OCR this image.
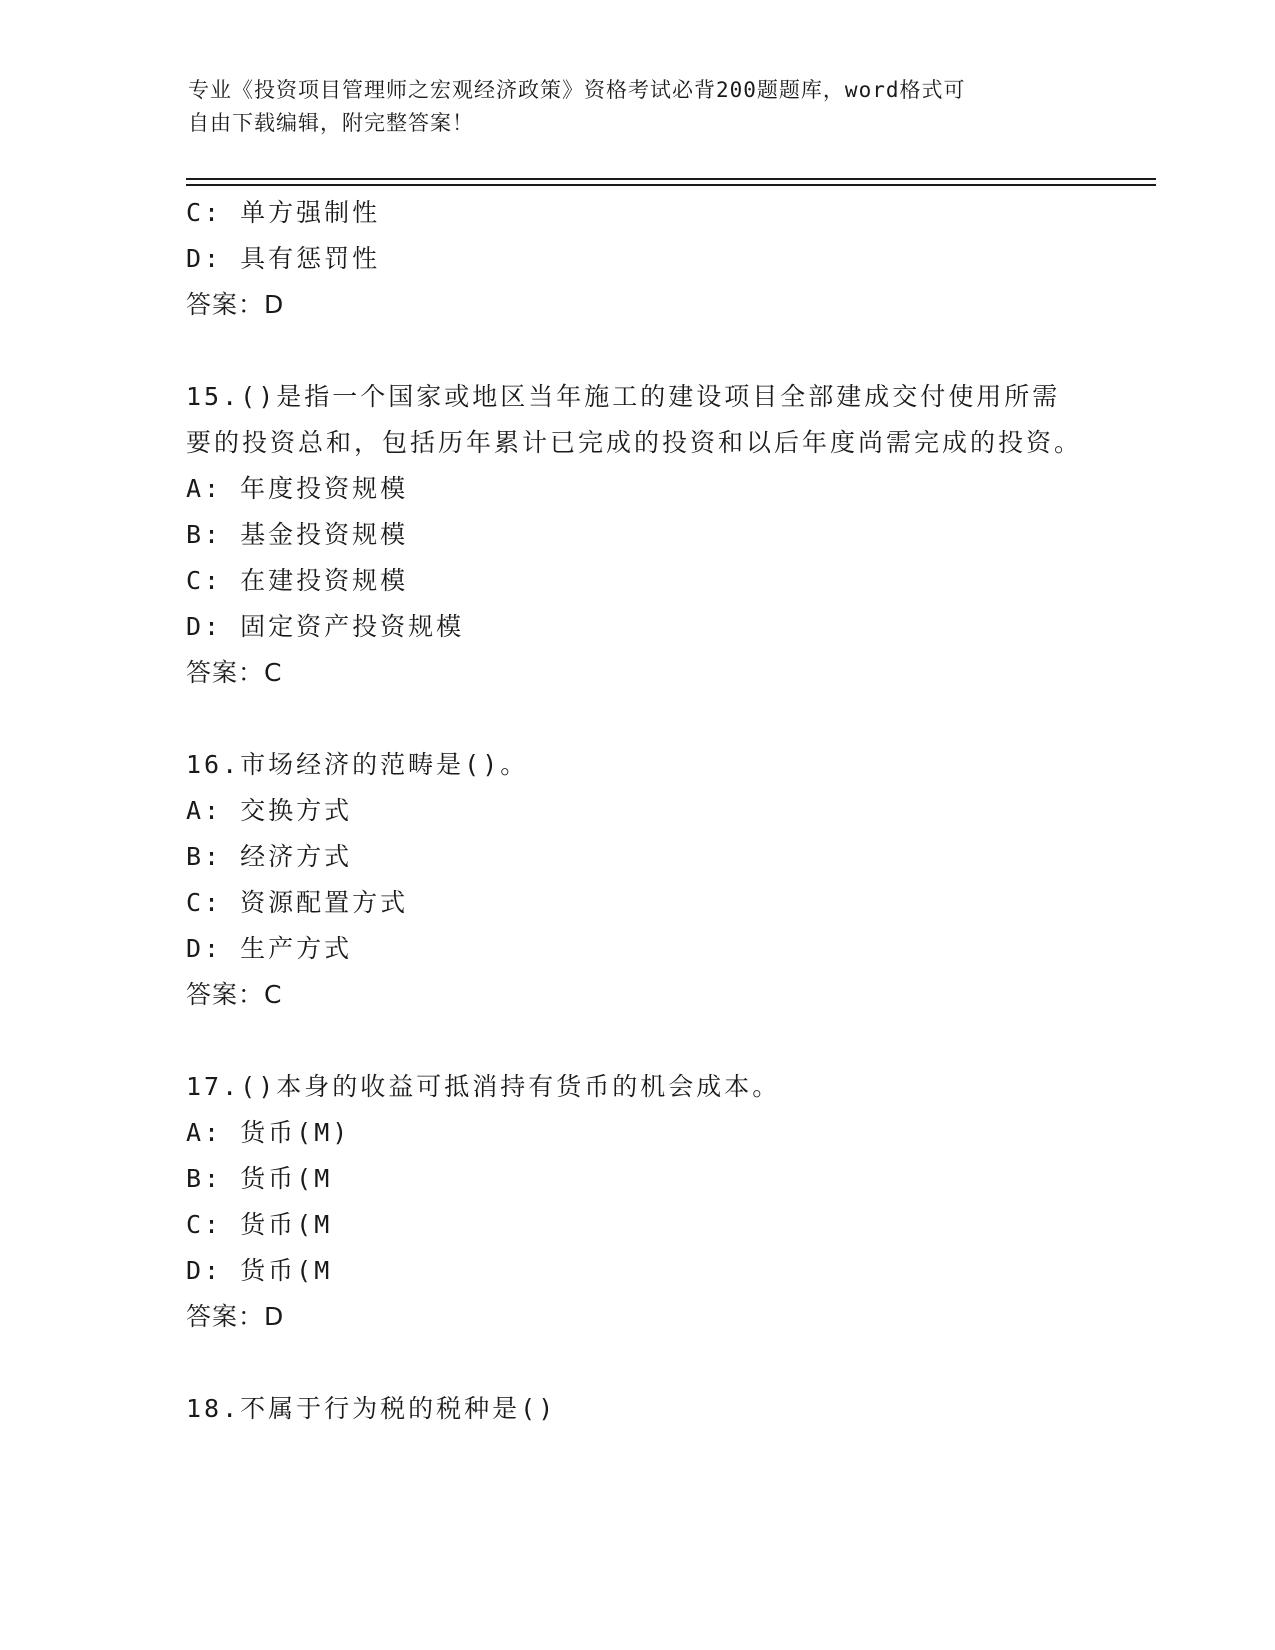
专业《投资项目管理师之宏观经济政策》资格考试必背200题题库，word格式可
自由下载编辑，附完整答案！
C: 单方强制性
D: 具有惩罚性
答案：D
15.()是指一个国家或地区当年施工的建设项目全部建成交付使用所需要的投资总和，包括历年累计已完成的投资和以后年度尚需完成的投资。
A: 年度投资规模
B: 基金投资规模
C: 在建投资规模
D: 固定资产投资规模
答案：C
16.市场经济的范畴是()。
A: 交换方式
B: 经济方式
C: 资源配置方式
D: 生产方式
答案：C
17.()本身的收益可抵消持有货币的机会成本。
A: 货币(M)
B: 货币(M
C: 货币(M
D: 货币(M
答案：D
18.不属于行为税的税种是()
